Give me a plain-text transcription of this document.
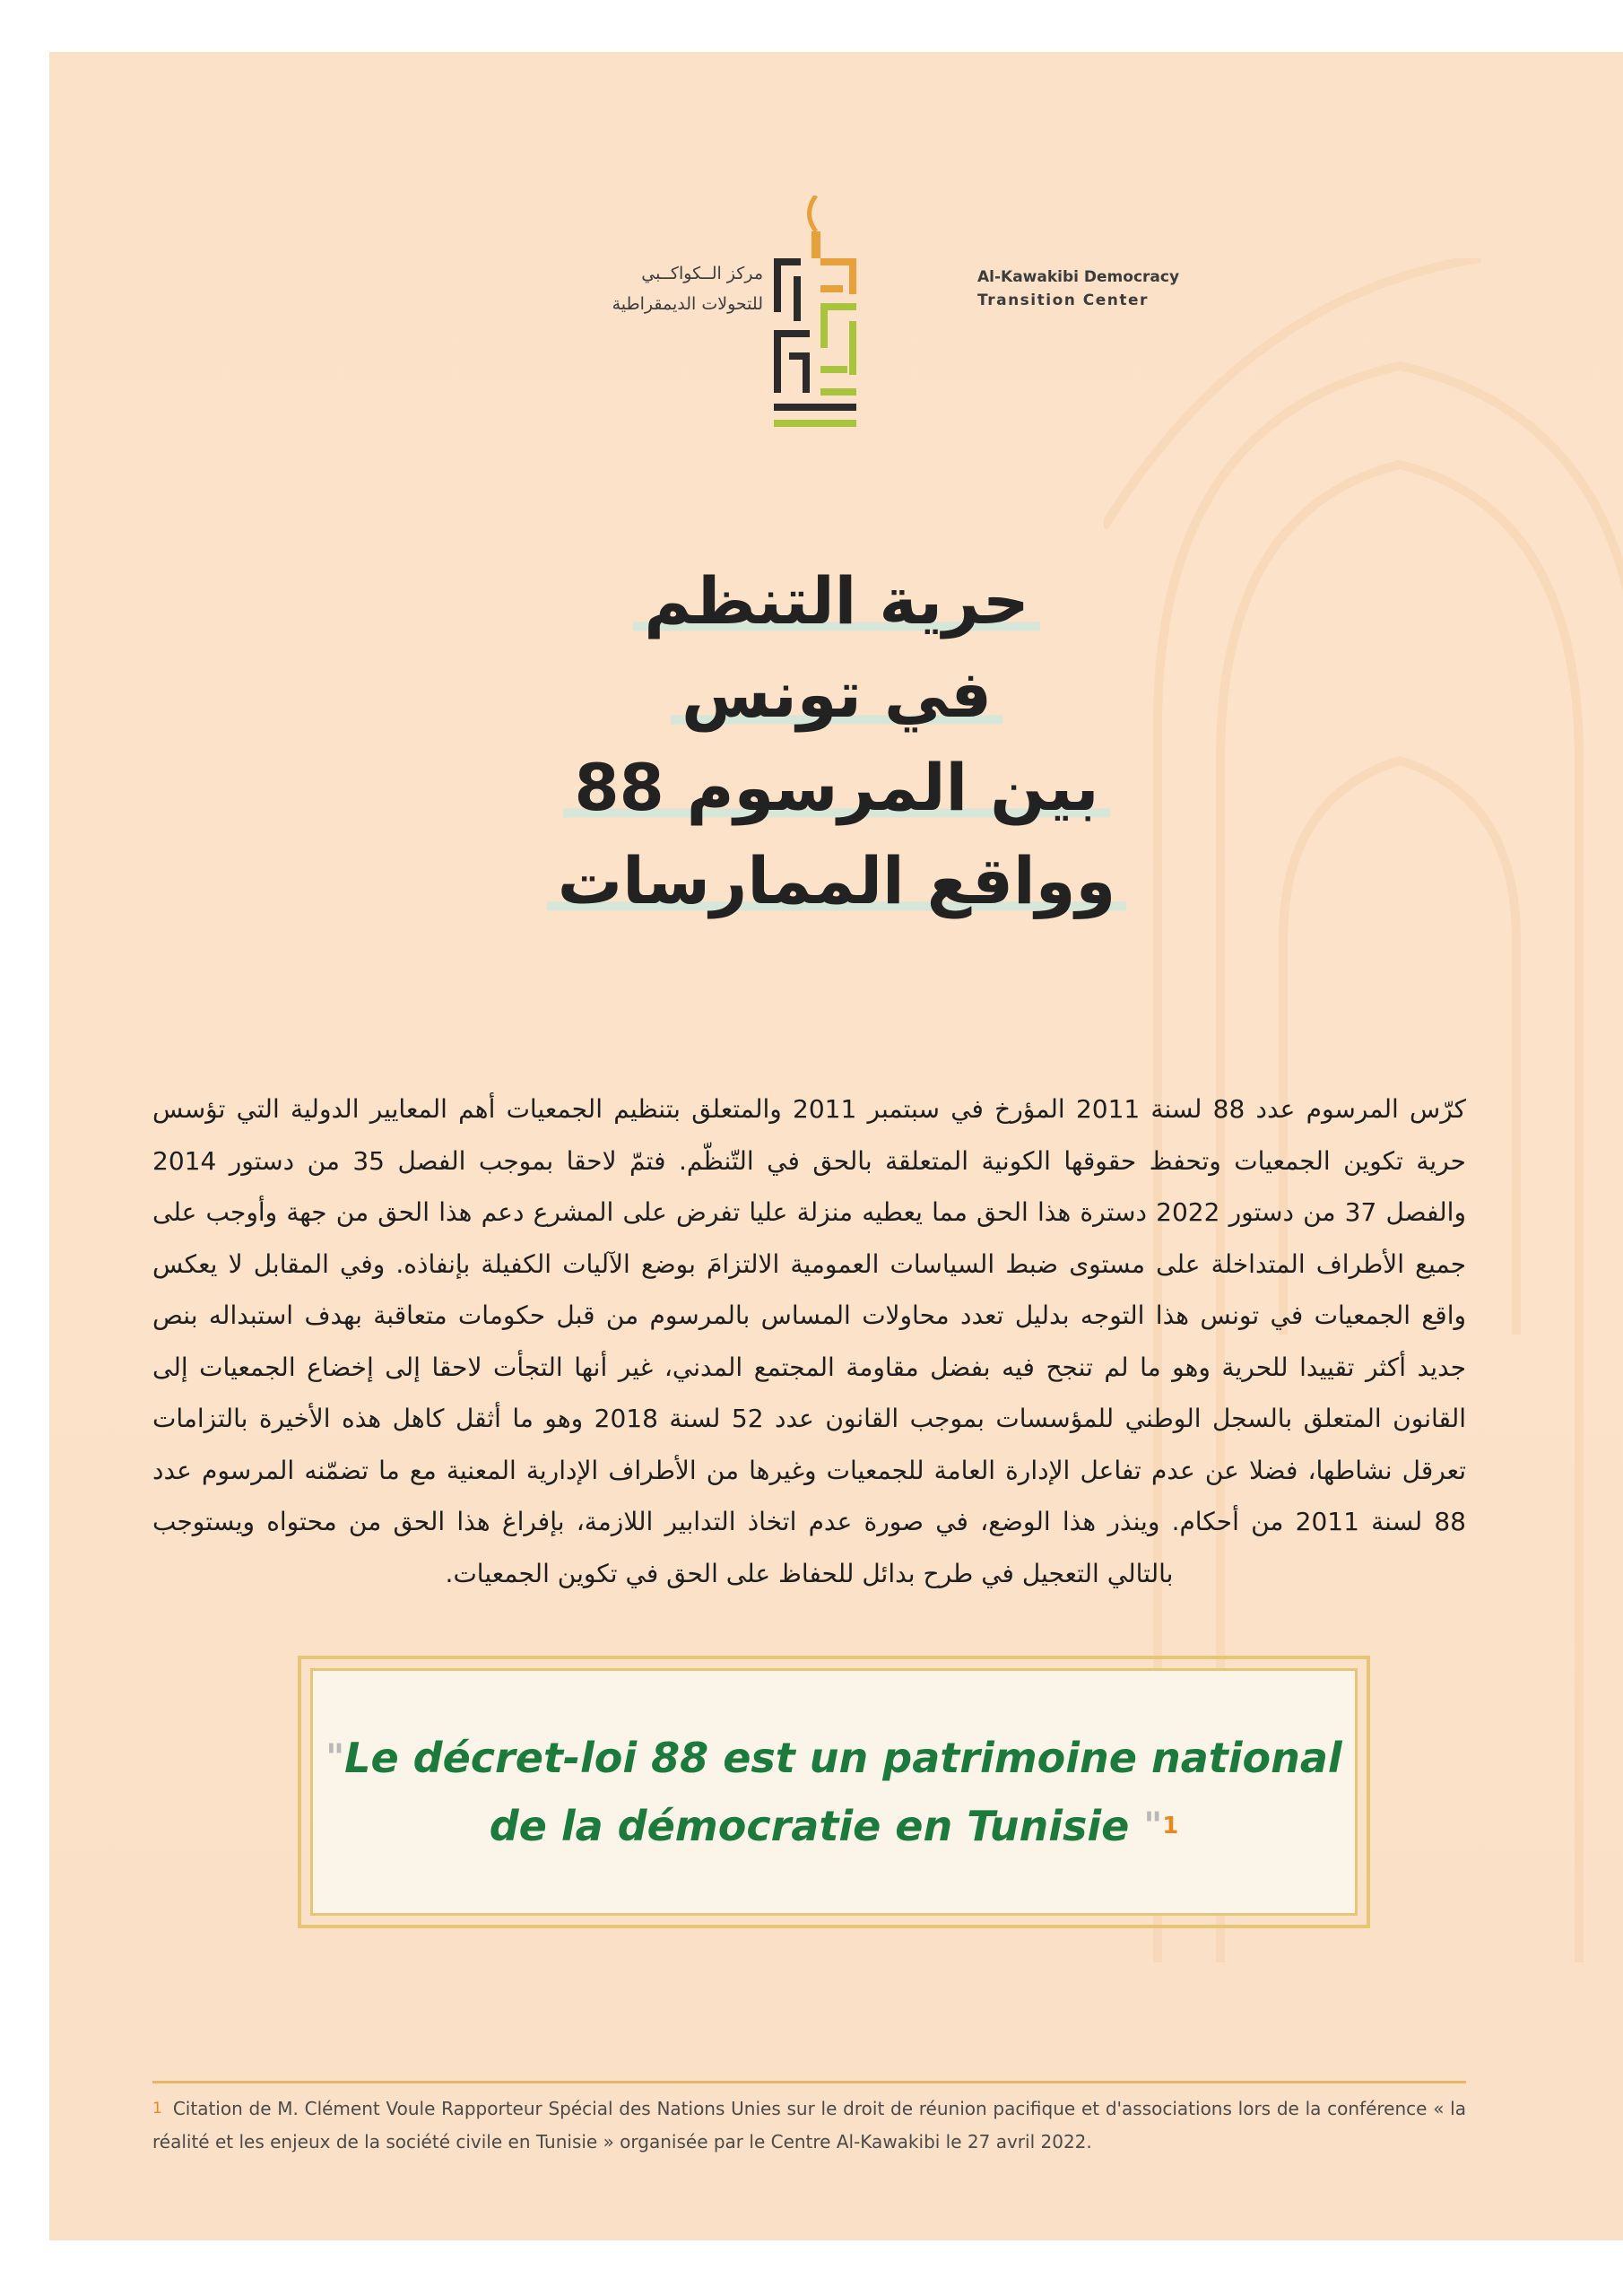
مركز الــكواكــبي
للتحولات الديمقراطية
Al-Kawakibi Democracy
Transition Center
حرية التنظم
في تونس
بين المرسوم 88
وواقع الممارسات
كرّس المرسوم عدد 88 لسنة 2011 المؤرخ في سبتمبر 2011 والمتعلق بتنظيم الجمعيات أهم المعايير الدولية التي تؤسس حرية تكوين الجمعيات وتحفظ حقوقها الكونية المتعلقة بالحق في التّنظّم. فتمّ لاحقا بموجب الفصل 35 من دستور 2014 والفصل 37 من دستور 2022 دسترة هذا الحق مما يعطيه منزلة عليا تفرض على المشرع دعم هذا الحق من جهة وأوجب على جميع الأطراف المتداخلة على مستوى ضبط السياسات العمومية الالتزامَ بوضع الآليات الكفيلة بإنفاذه. وفي المقابل لا يعكس واقع الجمعيات في تونس هذا التوجه بدليل تعدد محاولات المساس بالمرسوم من قبل حكومات متعاقبة بهدف استبداله بنص جديد أكثر تقييدا للحرية وهو ما لم تنجح فيه بفضل مقاومة المجتمع المدني، غير أنها التجأت لاحقا إلى إخضاع الجمعيات إلى القانون المتعلق بالسجل الوطني للمؤسسات بموجب القانون عدد 52 لسنة 2018 وهو ما أثقل كاهل هذه الأخيرة بالتزامات تعرقل نشاطها، فضلا عن عدم تفاعل الإدارة العامة للجمعيات وغيرها من الأطراف الإدارية المعنية مع ما تضمّنه المرسوم عدد 88 لسنة 2011 من أحكام. وينذر هذا الوضع، في صورة عدم اتخاذ التدابير اللازمة، بإفراغ هذا الحق من محتواه ويستوجب بالتالي التعجيل في طرح بدائل للحفاظ على الحق في تكوين الجمعيات.
"Le décret-loi 88 est un patrimoine national
de la démocratie en Tunisie "$^1$
$^1$ Citation de M. Clément Voule Rapporteur Spécial des Nations Unies sur le droit de réunion pacifique et d'associations lors de la conférence « la réalité et les enjeux de la société civile en Tunisie » organisée par le Centre Al-Kawakibi le 27 avril 2022.
